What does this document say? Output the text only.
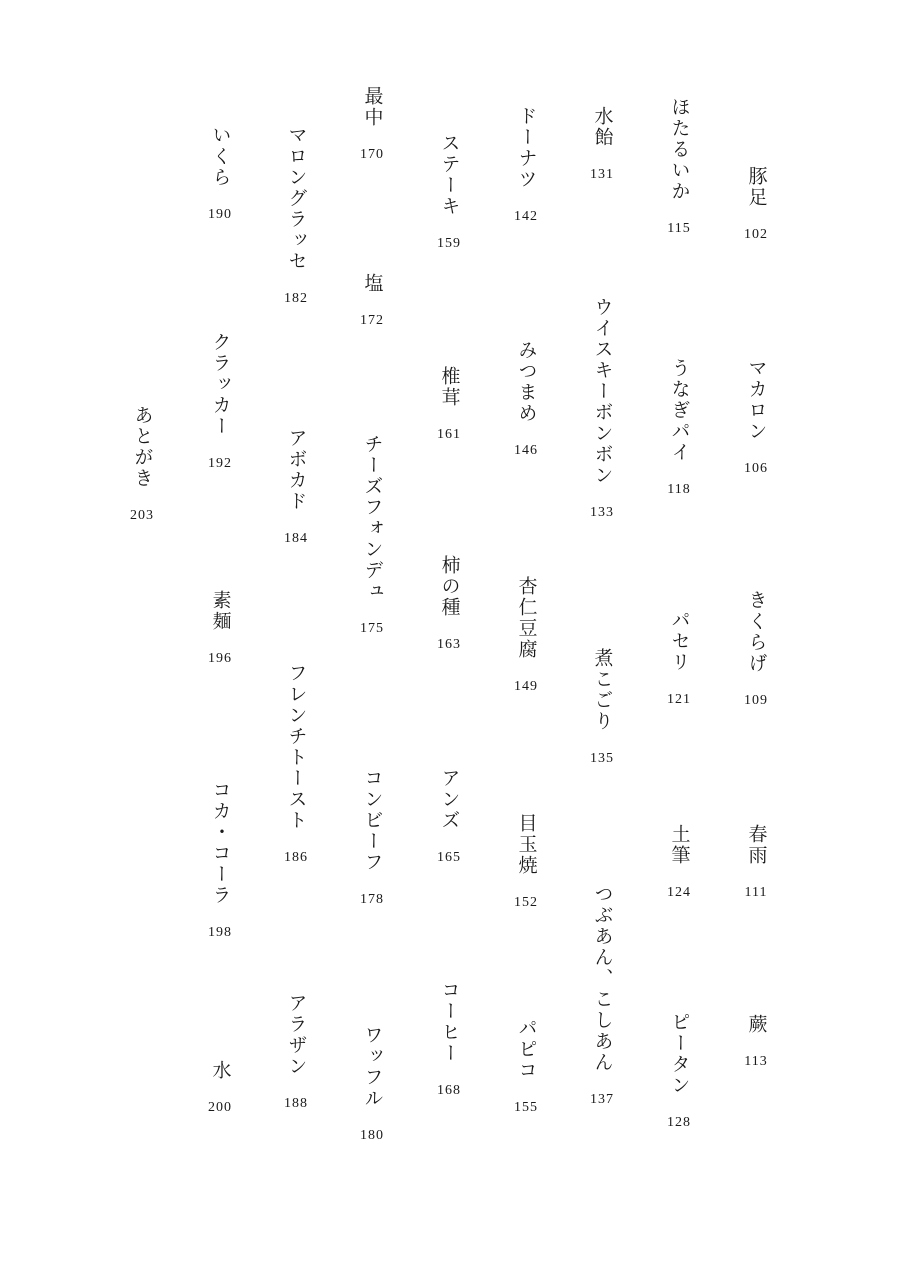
豚足
102
マカロン
106
きくらげ
109
春雨
111
蕨
113
ほたるいか
115
うなぎパイ
118
パセリ
121
土筆
124
ピータン
128
水飴
131
ウイスキーボンボン
133
煮こごり
135
つぶあん、こしあん
137
ドーナツ
142
みつまめ
146
杏仁豆腐
149
目玉焼
152
パピコ
155
ステーキ
159
椎茸
161
柿の種
163
アンズ
165
コーヒー
168
最中
170
塩
172
チーズフォンデュ
175
コンビーフ
178
ワッフル
180
マロングラッセ
182
アボカド
184
フレンチトースト
186
アラザン
188
いくら
190
クラッカー
192
素麺
196
コカ・コーラ
198
水
200
あとがき
203
